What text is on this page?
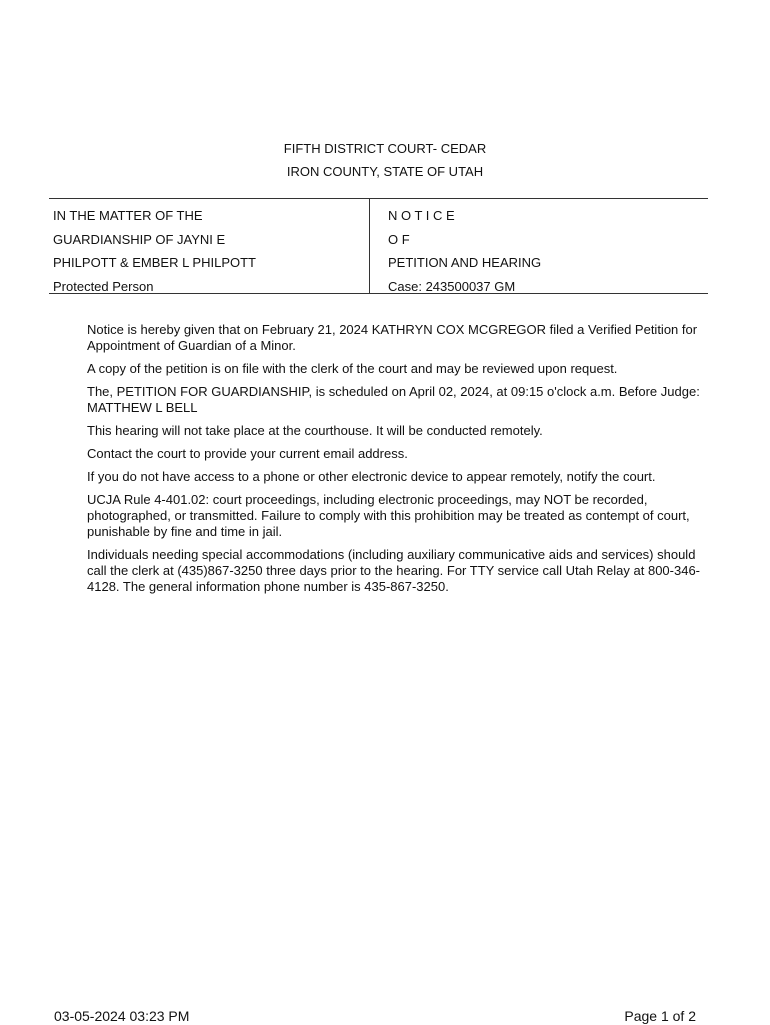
FIFTH DISTRICT COURT- CEDAR
IRON COUNTY, STATE OF UTAH
IN THE MATTER OF THE
GUARDIANSHIP OF JAYNI E
PHILPOTT & EMBER L PHILPOTT
Protected Person
N O T I C E
O F
PETITION AND HEARING
Case: 243500037 GM

Notice is hereby given that on February 21, 2024 KATHRYN COX MCGREGOR filed a Verified Petition for Appointment of Guardian of a Minor.

A copy of the petition is on file with the clerk of the court and may be reviewed upon request.

The, PETITION FOR GUARDIANSHIP, is scheduled on April 02, 2024, at 09:15 o'clock a.m. Before Judge: MATTHEW L BELL

This hearing will not take place at the courthouse. It will be conducted remotely.

Contact the court to provide your current email address.

If you do not have access to a phone or other electronic device to appear remotely, notify the court.

UCJA Rule 4-401.02: court proceedings, including electronic proceedings, may NOT be recorded, photographed, or transmitted. Failure to comply with this prohibition may be treated as contempt of court, punishable by fine and time in jail.

Individuals needing special accommodations (including auxiliary communicative aids and services) should call the clerk at (435)867-3250 three days prior to the hearing. For TTY service call Utah Relay at 800-346-4128. The general information phone number is 435-867-3250.

03-05-2024 03:23 PM	Page 1 of 2
